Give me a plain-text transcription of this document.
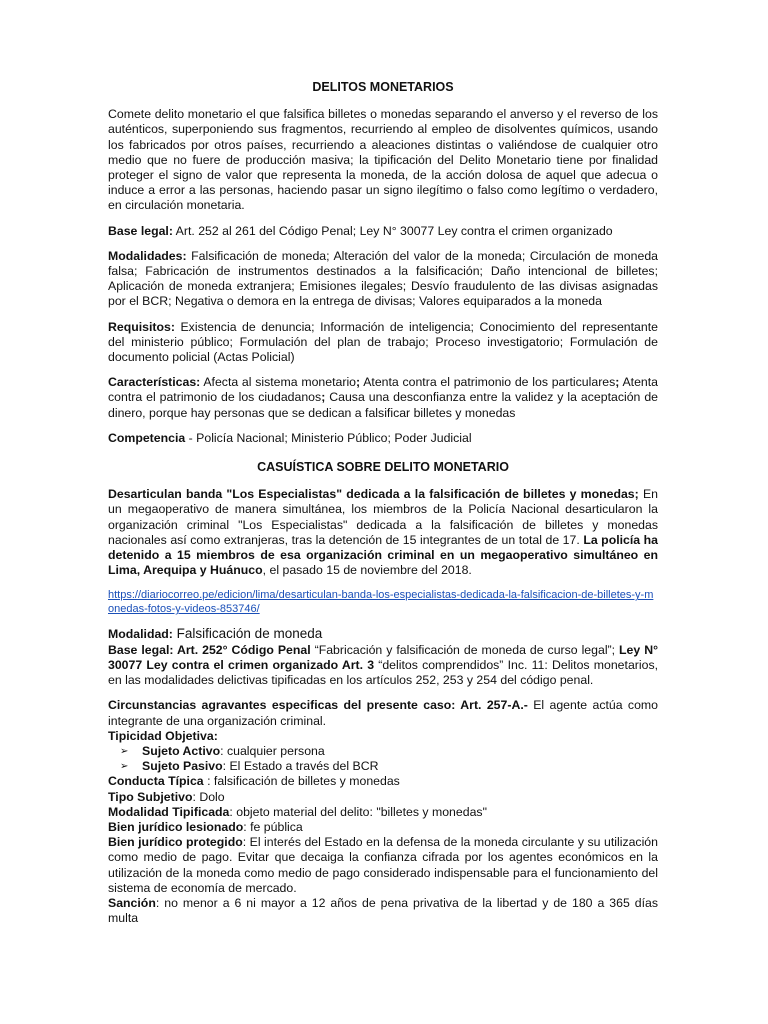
DELITOS MONETARIOS

Comete delito monetario el que falsifica billetes o monedas separando el anverso y el reverso de los auténticos, superponiendo sus fragmentos, recurriendo al empleo de disolventes químicos, usando los fabricados por otros países, recurriendo a aleaciones distintas o valiéndose de cualquier otro medio que no fuere de producción masiva; la tipificación del Delito Monetario tiene por finalidad proteger el signo de valor que representa la moneda, de la acción dolosa de aquel que adecua o induce a error a las personas, haciendo pasar un signo ilegítimo o falso como legítimo o verdadero, en circulación monetaria.

Base legal: Art. 252 al 261 del Código Penal; Ley N° 30077 Ley contra el crimen organizado

Modalidades: Falsificación de moneda; Alteración del valor de la moneda; Circulación de moneda falsa; Fabricación de instrumentos destinados a la falsificación; Daño intencional de billetes; Aplicación de moneda extranjera; Emisiones ilegales; Desvío fraudulento de las divisas asignadas por el BCR; Negativa o demora en la entrega de divisas; Valores equiparados a la moneda

Requisitos: Existencia de denuncia; Información de inteligencia; Conocimiento del representante del ministerio público; Formulación del plan de trabajo; Proceso investigatorio; Formulación de documento policial (Actas Policial)

Características: Afecta al sistema monetario; Atenta contra el patrimonio de los particulares; Atenta contra el patrimonio de los ciudadanos; Causa una desconfianza entre la validez y la aceptación de dinero, porque hay personas que se dedican a falsificar billetes y monedas

Competencia - Policía Nacional; Ministerio Público; Poder Judicial

CASUÍSTICA SOBRE DELITO MONETARIO

Desarticulan banda "Los Especialistas" dedicada a la falsificación de billetes y monedas; En un megaoperativo de manera simultánea, los miembros de la Policía Nacional desarticularon la organización criminal "Los Especialistas" dedicada a la falsificación de billetes y monedas nacionales así como extranjeras, tras la detención de 15 integrantes de un total de 17. La policía ha detenido a 15 miembros de esa organización criminal en un megaoperativo simultáneo en Lima, Arequipa y Huánuco, el pasado 15 de noviembre del 2018.

https://diariocorreo.pe/edicion/lima/desarticulan-banda-los-especialistas-dedicada-la-falsificacion-de-billetes-y-monedas-fotos-y-videos-853746/

Modalidad: Falsificación de moneda

Base legal: Art. 252° Código Penal “Fabricación y falsificación de moneda de curso legal”; Ley N° 30077 Ley contra el crimen organizado Art. 3 “delitos comprendidos” Inc. 11: Delitos monetarios, en las modalidades delictivas tipificadas en los artículos 252, 253 y 254 del código penal.

Circunstancias agravantes especificas del presente caso: Art. 257-A.- El agente actúa como integrante de una organización criminal.

Tipicidad Objetiva:

➢	Sujeto Activo: cualquier persona
➢	Sujeto Pasivo: El Estado a través del BCR

Conducta Típica : falsificación de billetes y monedas

Tipo Subjetivo: Dolo

Modalidad Tipificada: objeto material del delito: "billetes y monedas"

Bien jurídico lesionado: fe pública

Bien jurídico protegido: El interés del Estado en la defensa de la moneda circulante y su utilización como medio de pago. Evitar que decaiga la confianza cifrada por los agentes económicos en la utilización de la moneda como medio de pago considerado indispensable para el funcionamiento del sistema de economía de mercado.

Sanción: no menor a 6 ni mayor a 12 años de pena privativa de la libertad y de 180 a 365 días multa
